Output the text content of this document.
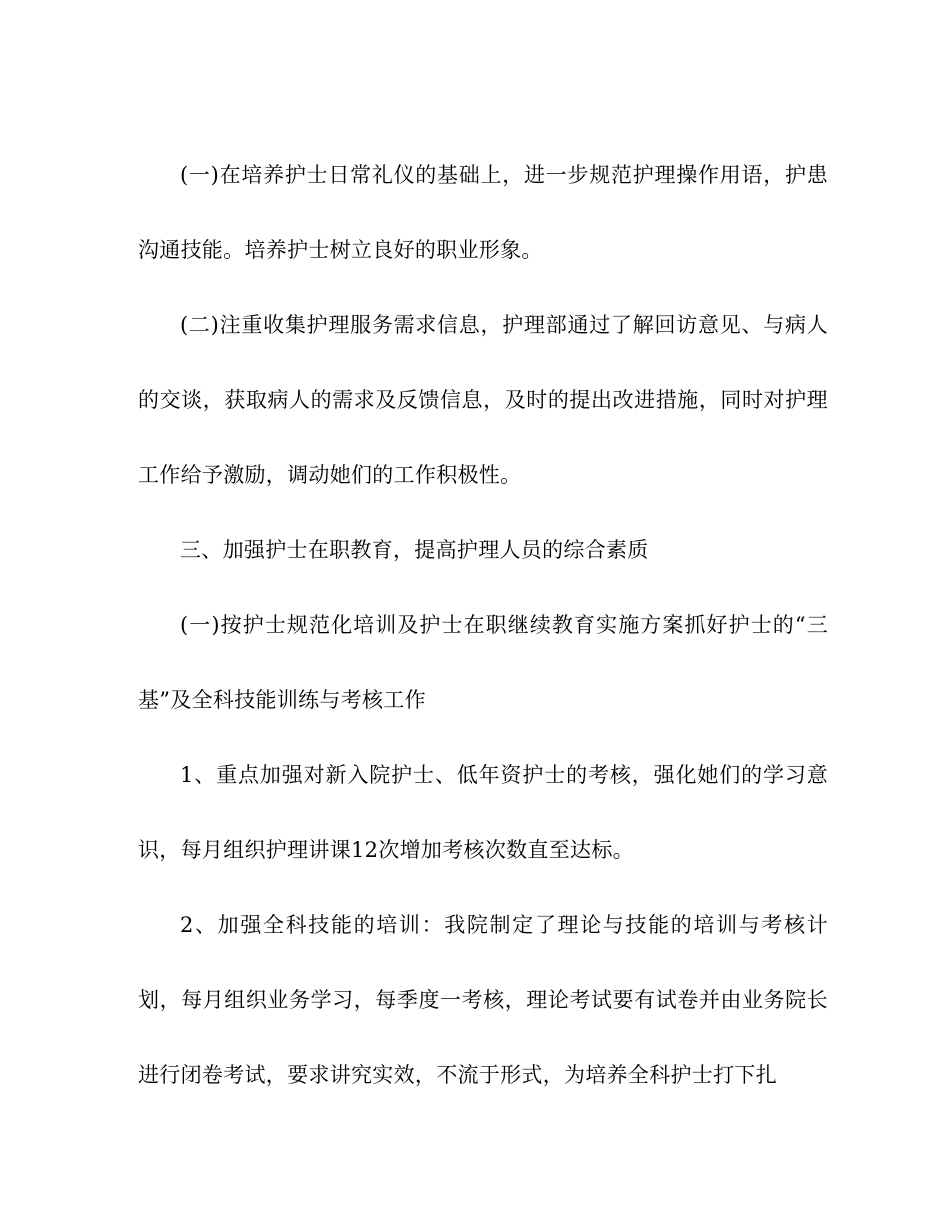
(一)在培养护士日常礼仪的基础上，进一步规范护理操作用语，护患沟通技能。培养护士树立良好的职业形象。

(二)注重收集护理服务需求信息，护理部通过了解回访意见、与病人的交谈，获取病人的需求及反馈信息，及时的提出改进措施，同时对护理工作给予激励，调动她们的工作积极性。

三、加强护士在职教育，提高护理人员的综合素质

(一)按护士规范化培训及护士在职继续教育实施方案抓好护士的“三基”及全科技能训练与考核工作

1、重点加强对新入院护士、低年资护士的考核，强化她们的学习意识，每月组织护理讲课12次增加考核次数直至达标。

2、加强全科技能的培训：我院制定了理论与技能的培训与考核计划，每月组织业务学习，每季度一考核，理论考试要有试卷并由业务院长进行闭卷考试，要求讲究实效，不流于形式，为培养全科护士打下扎
